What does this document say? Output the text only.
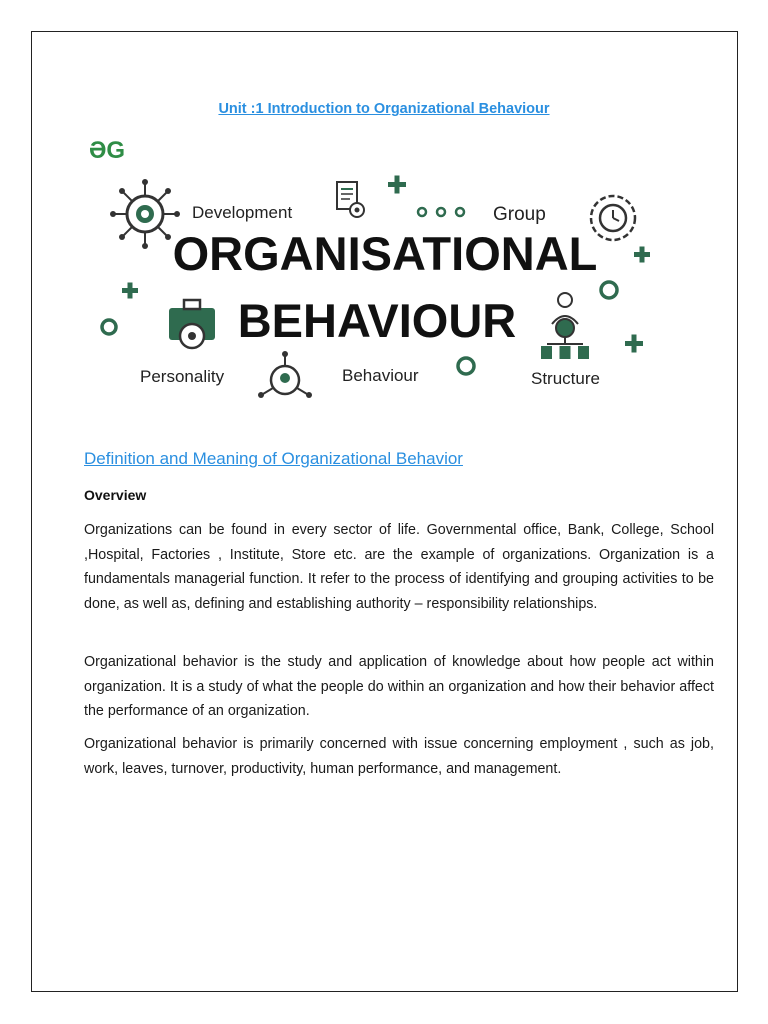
Unit :1 Introduction to Organizational Behaviour
ƏG
Development	Group
ORGANISATIONAL
BEHAVIOUR
Personality	Behaviour	Structure
Definition and Meaning of Organizational Behavior
Overview
Organizations can be found in every sector of life. Governmental office, Bank, College, School ,Hospital, Factories , Institute, Store etc. are the example of organizations. Organization is a fundamentals managerial function. It refer to the process of identifying and grouping activities to be done, as well as, defining and establishing authority – responsibility relationships.
Organizational behavior is the study and application of knowledge about how people act within organization. It is a study of what the people do within an organization and how their behavior affect the performance of an organization.
Organizational behavior is primarily concerned with issue concerning employment , such as job, work, leaves, turnover, productivity, human performance, and management.
